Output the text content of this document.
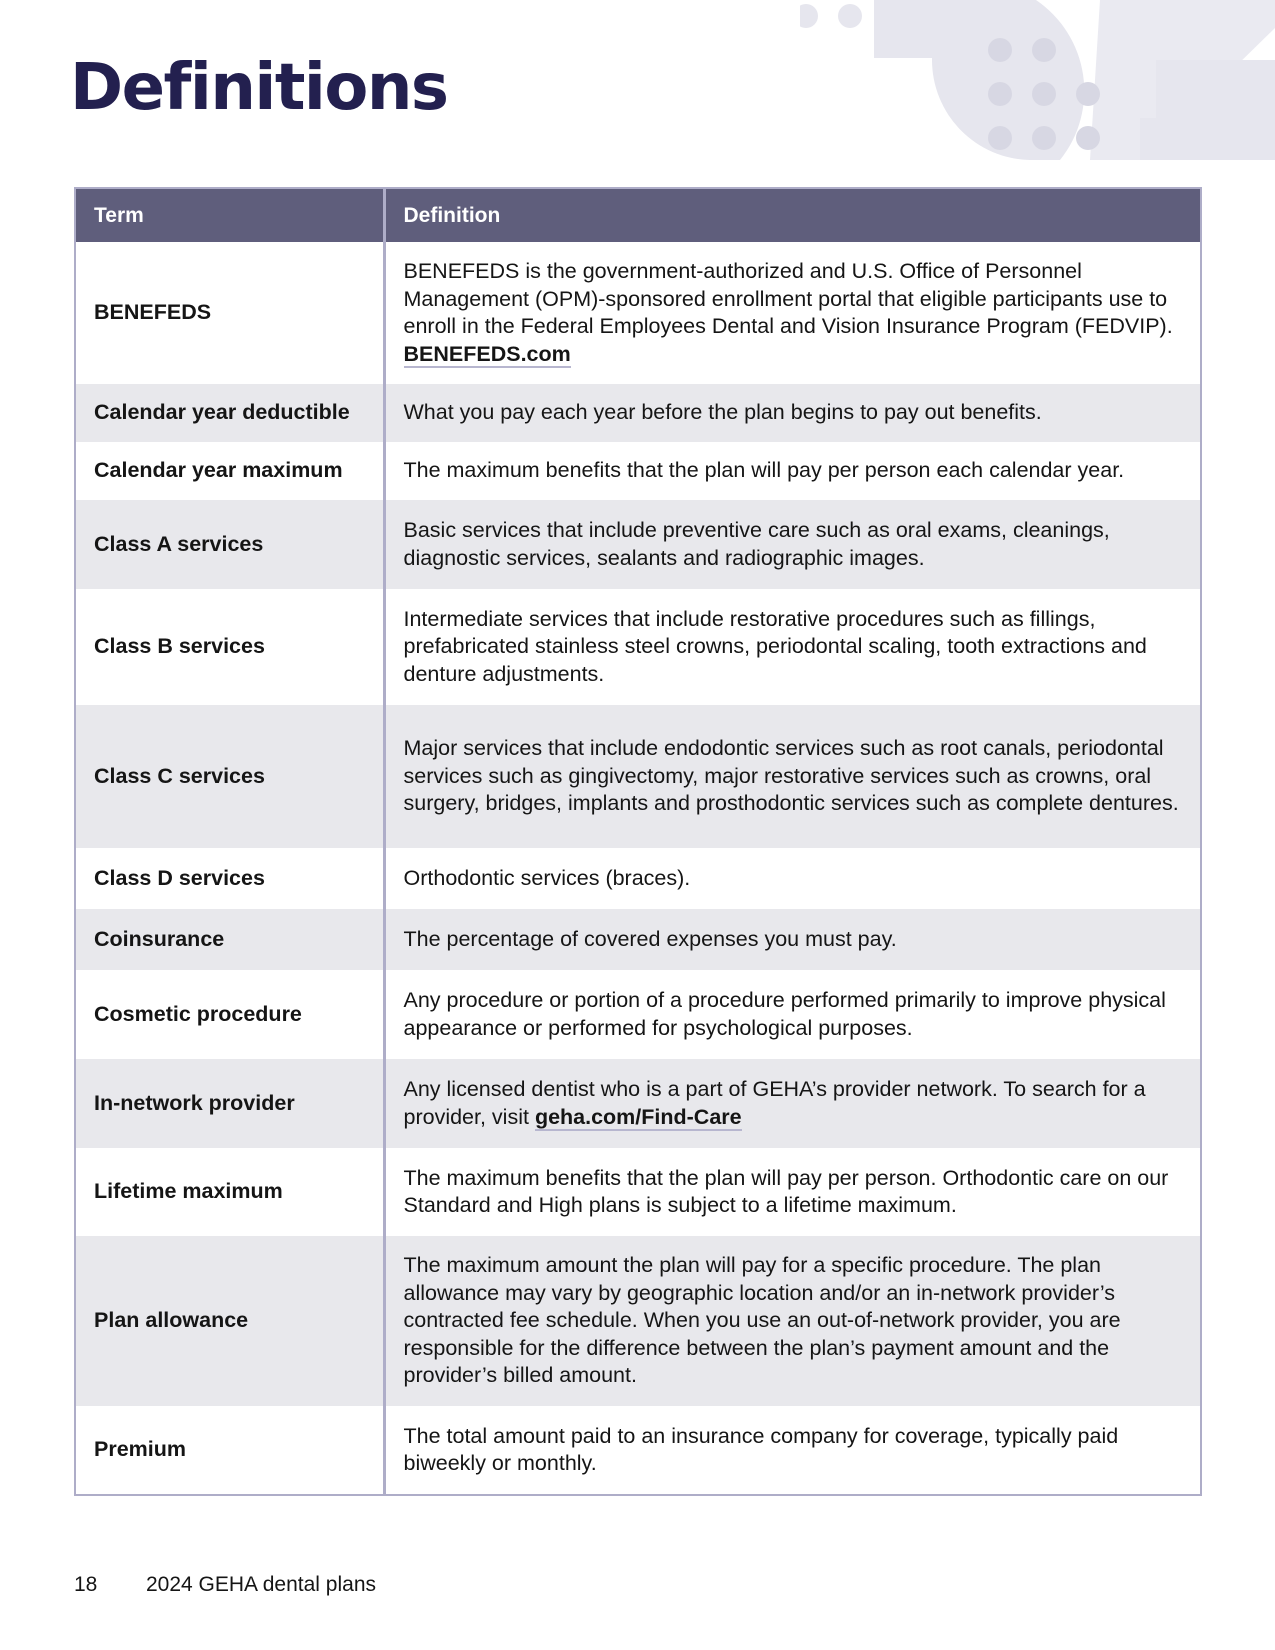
Definitions
Term	Definition
BENEFEDS	BENEFEDS is the government-authorized and U.S. Office of Personnel Management (OPM)-sponsored enrollment portal that eligible participants use to enroll in the Federal Employees Dental and Vision Insurance Program (FEDVIP). BENEFEDS.com
Calendar year deductible	What you pay each year before the plan begins to pay out benefits.
Calendar year maximum	The maximum benefits that the plan will pay per person each calendar year.
Class A services	Basic services that include preventive care such as oral exams, cleanings, diagnostic services, sealants and radiographic images.
Class B services	Intermediate services that include restorative procedures such as fillings, prefabricated stainless steel crowns, periodontal scaling, tooth extractions and denture adjustments.
Class C services	Major services that include endodontic services such as root canals, periodontal services such as gingivectomy, major restorative services such as crowns, oral surgery, bridges, implants and prosthodontic services such as complete dentures.
Class D services	Orthodontic services (braces).
Coinsurance	The percentage of covered expenses you must pay.
Cosmetic procedure	Any procedure or portion of a procedure performed primarily to improve physical appearance or performed for psychological purposes.
In-network provider	Any licensed dentist who is a part of GEHA’s provider network. To search for a provider, visit geha.com/Find-Care
Lifetime maximum	The maximum benefits that the plan will pay per person. Orthodontic care on our Standard and High plans is subject to a lifetime maximum.
Plan allowance	The maximum amount the plan will pay for a specific procedure. The plan allowance may vary by geographic location and/or an in-network provider’s contracted fee schedule. When you use an out-of-network provider, you are responsible for the difference between the plan’s payment amount and the provider’s billed amount.
Premium	The total amount paid to an insurance company for coverage, typically paid biweekly or monthly.
18 2024 GEHA dental plans
